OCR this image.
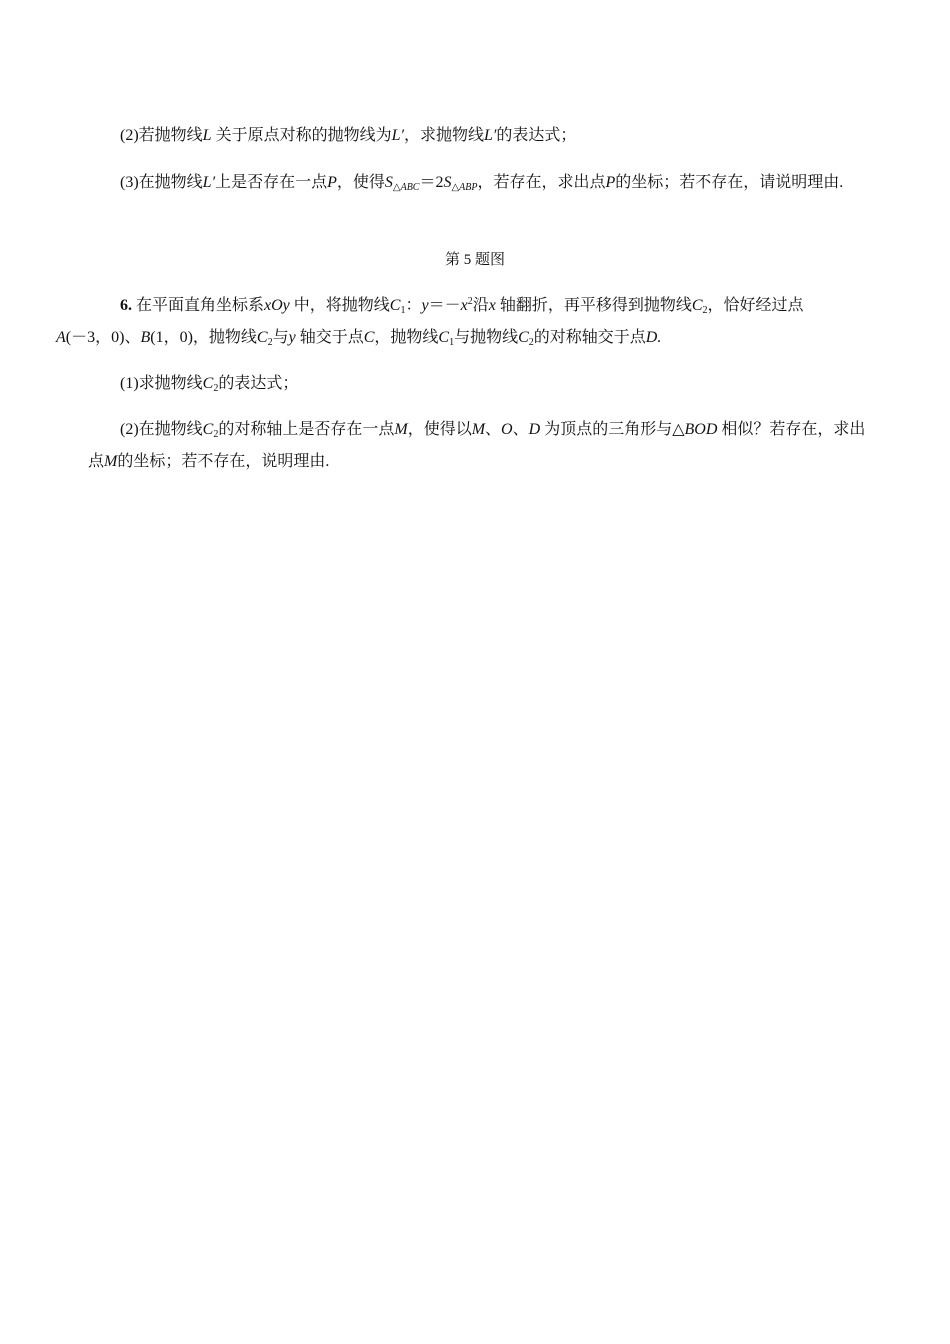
(2)若抛物线L 关于原点对称的抛物线为L′，求抛物线L′的表达式；

(3)在抛物线L′上是否存在一点P，使得$S_{\triangle ABC}=2S_{\triangle ABP}$，若存在，求出点P的坐标；若不存在，请说明理由.

第 5 题图

6. 在平面直角坐标系xOy 中，将抛物线$C_1$：$y=-x^2$沿x 轴翻折，再平移得到抛物线$C_2$，恰好经过点
A(－3，0)、B(1，0)，抛物线$C_2$与y 轴交于点C，抛物线$C_1$与抛物线$C_2$的对称轴交于点D.

(1)求抛物线$C_2$的表达式；

(2)在抛物线$C_2$的对称轴上是否存在一点M，使得以M、O、D 为顶点的三角形与△BOD 相似？若存在，求出点M的坐标；若不存在，说明理由.
